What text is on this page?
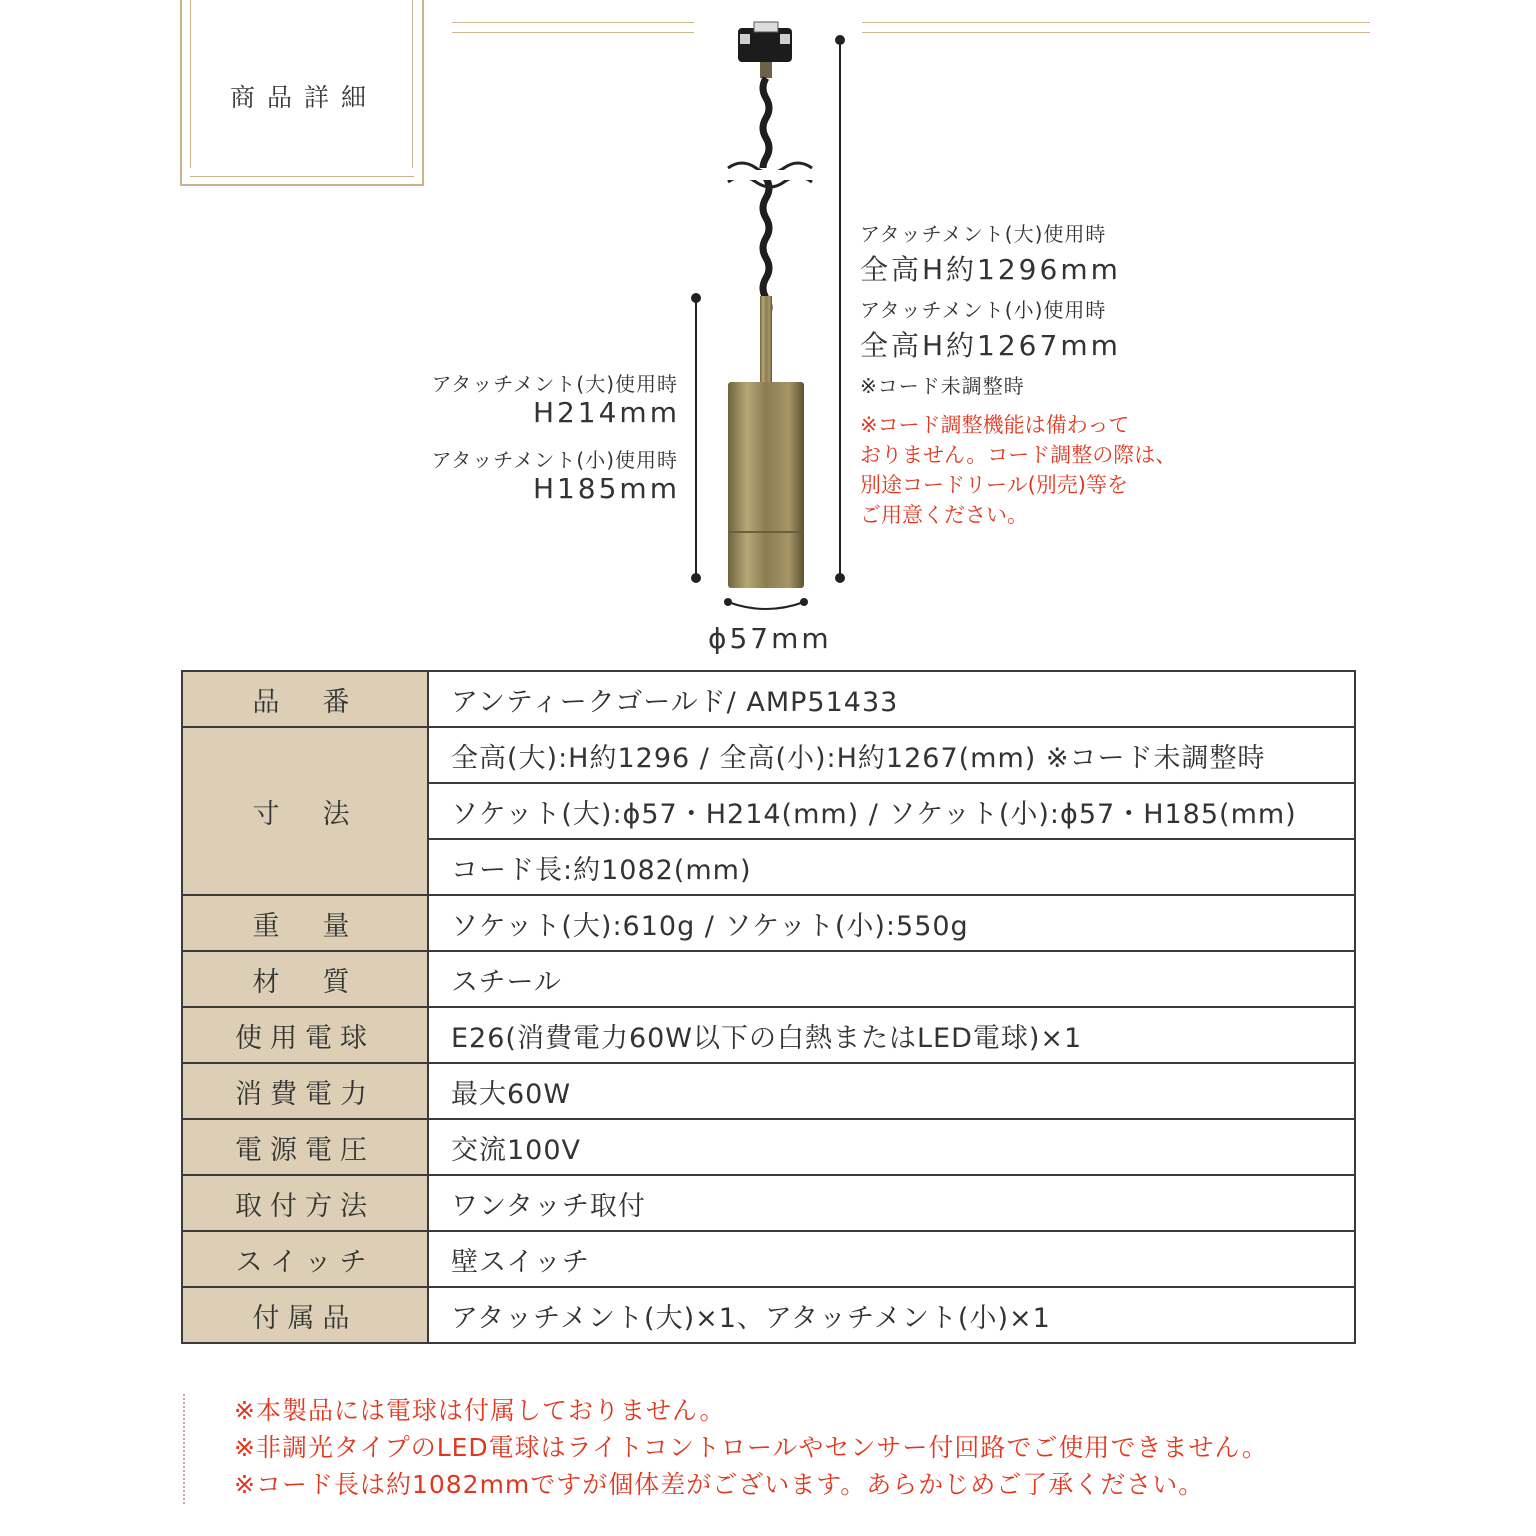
商品詳細
アタッチメント(大)使用時
全高H約1296mm
アタッチメント(小)使用時
全高H約1267mm
※コード未調整時
※コード調整機能は備わって
おりません。コード調整の際は、
別途コードリール(別売)等を
ご用意ください。
アタッチメント(大)使用時
H214mm
アタッチメント(小)使用時
H185mm
ϕ57mm
品　番	アンティークゴールド/ AMP51433
寸　法	全高(大):H約1296 / 全高(小):H約1267(mm) ※コード未調整時
	ソケット(大):ϕ57・H214(mm) / ソケット(小):ϕ57・H185(mm)
	コード長:約1082(mm)
重　量	ソケット(大):610g / ソケット(小):550g
材　質	スチール
使用電球	E26(消費電力60W以下の白熱またはLED電球)×1
消費電力	最大60W
電源電圧	交流100V
取付方法	ワンタッチ取付
スイッチ	壁スイッチ
付属品	アタッチメント(大)×1、アタッチメント(小)×1
※本製品には電球は付属しておりません。
※非調光タイプのLED電球はライトコントロールやセンサー付回路でご使用できません。
※コード長は約1082mmですが個体差がございます。あらかじめご了承ください。
